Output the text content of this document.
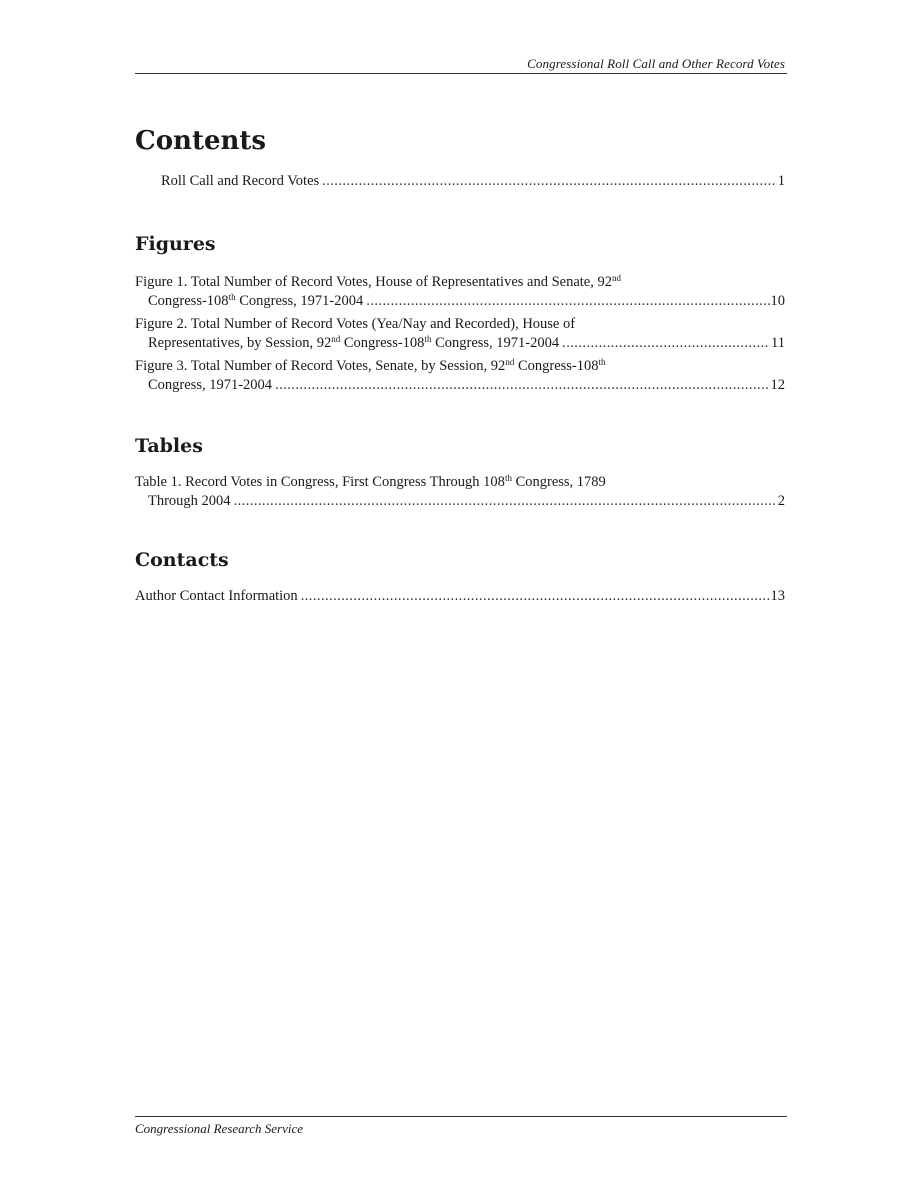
Congressional Roll Call and Other Record Votes
Contents
Roll Call and Record Votes . . .	1
Figures
Figure 1. Total Number of Record Votes, House of Representatives and Senate, 92nd
Congress-108th Congress, 1971-2004 . . .	10
Figure 2. Total Number of Record Votes (Yea/Nay and Recorded), House of
Representatives, by Session, 92nd Congress-108th Congress, 1971-2004 . . .	11
Figure 3. Total Number of Record Votes, Senate, by Session, 92nd Congress-108th
Congress, 1971-2004 . . .	12
Tables
Table 1. Record Votes in Congress, First Congress Through 108th Congress, 1789
Through 2004 . . .	2
Contacts
Author Contact Information . . .	13
Congressional Research Service
